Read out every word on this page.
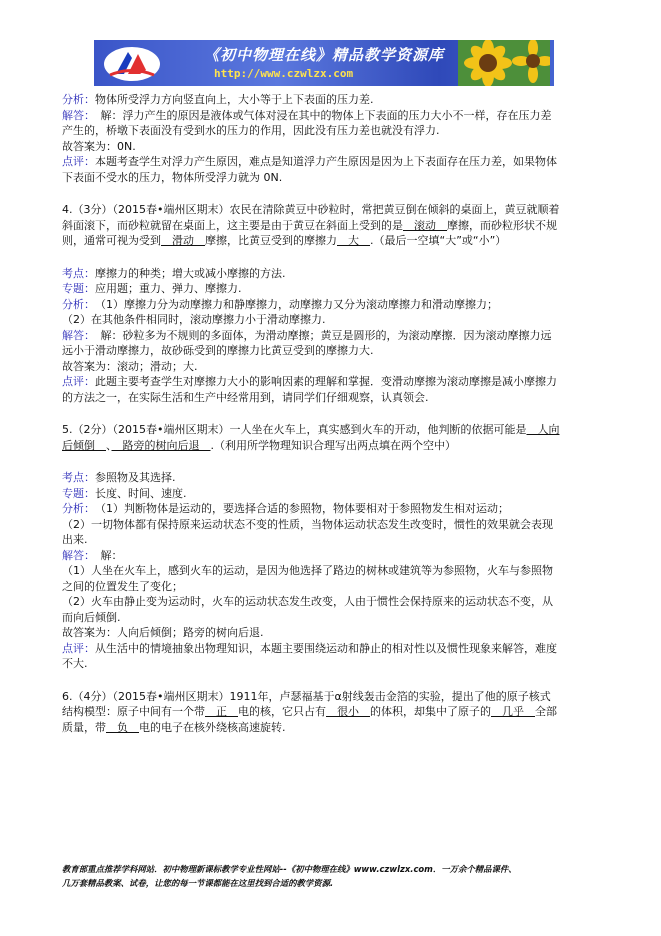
《初中物理在线》精品教学资源库
http://www.czwlzx.com
分析：物体所受浮力方向竖直向上，大小等于上下表面的压力差.
解答：　 解：浮力产生的原因是液体或气体对浸在其中的物体上下表面的压力大小不一样，存在压力差
产生的，桥墩下表面没有受到水的压力的作用，因此没有压力差也就没有浮力.
故答案为：0N.
点评：本题考查学生对浮力产生原因，难点是知道浮力产生原因是因为上下表面存在压力差，如果物体
下表面不受水的压力，物体所受浮力就为 0N.
4.（3分）（2015春•端州区期末）农民在清除黄豆中砂粒时，常把黄豆倒在倾斜的桌面上，黄豆就顺着
斜面滚下，而砂粒就留在桌面上，这主要是由于黄豆在斜面上受到的是　滚动　摩擦，而砂粒形状不规
则，通常可视为受到　滑动　摩擦，比黄豆受到的摩擦力　大　.（最后一空填“大”或“小”）
考点：摩擦力的种类；增大或减小摩擦的方法.
专题：应用题；重力、弹力、摩擦力.
分析：　 （1）摩擦力分为动摩擦力和静摩擦力，动摩擦力又分为滚动摩擦力和滑动摩擦力；
（2）在其他条件相同时，滚动摩擦力小于滑动摩擦力.
解答：　 解：砂粒多为不规则的多面体，为滑动摩擦；黄豆是圆形的，为滚动摩擦．因为滚动摩擦力远
远小于滑动摩擦力，故砂砾受到的摩擦力比黄豆受到的摩擦力大.
故答案为：滚动；滑动；大.
点评：此题主要考查学生对摩擦力大小的影响因素的理解和掌握．变滑动摩擦为滚动摩擦是减小摩擦力
的方法之一，在实际生活和生产中经常用到，请同学们仔细观察，认真领会.
5.（2分）（2015春•端州区期末）一人坐在火车上，真实感到火车的开动，他判断的依据可能是　人向
后倾倒　、　路旁的树向后退　.（利用所学物理知识合理写出两点填在两个空中）
考点：参照物及其选择.
专题：长度、时间、速度.
分析：　 （1）判断物体是运动的，要选择合适的参照物，物体要相对于参照物发生相对运动；
（2）一切物体都有保持原来运动状态不变的性质，当物体运动状态发生改变时，惯性的效果就会表现
出来.
解答：　 解：
（1）人坐在火车上，感到火车的运动，是因为他选择了路边的树林或建筑等为参照物，火车与参照物
之间的位置发生了变化；
（2）火车由静止变为运动时，火车的运动状态发生改变，人由于惯性会保持原来的运动状态不变，从
而向后倾倒.
故答案为：人向后倾倒；路旁的树向后退.
点评：从生活中的情境抽象出物理知识，本题主要围绕运动和静止的相对性以及惯性现象来解答，难度
不大.
6.（4分）（2015春•端州区期末）1911年，卢瑟福基于α射线轰击金箔的实验，提出了他的原子核式
结构模型：原子中间有一个带　正　电的核，它只占有　很小　的体积，却集中了原子的　几乎　全部
质量，带　负　电的电子在核外绕核高速旋转.
教育部重点推荐学科网站．初中物理新课标教学专业性网站--《初中物理在线》www.czwlzx.com．一万余个精品课件、
几万套精品教案、试卷，让您的每一节课都能在这里找到合适的教学资源.
